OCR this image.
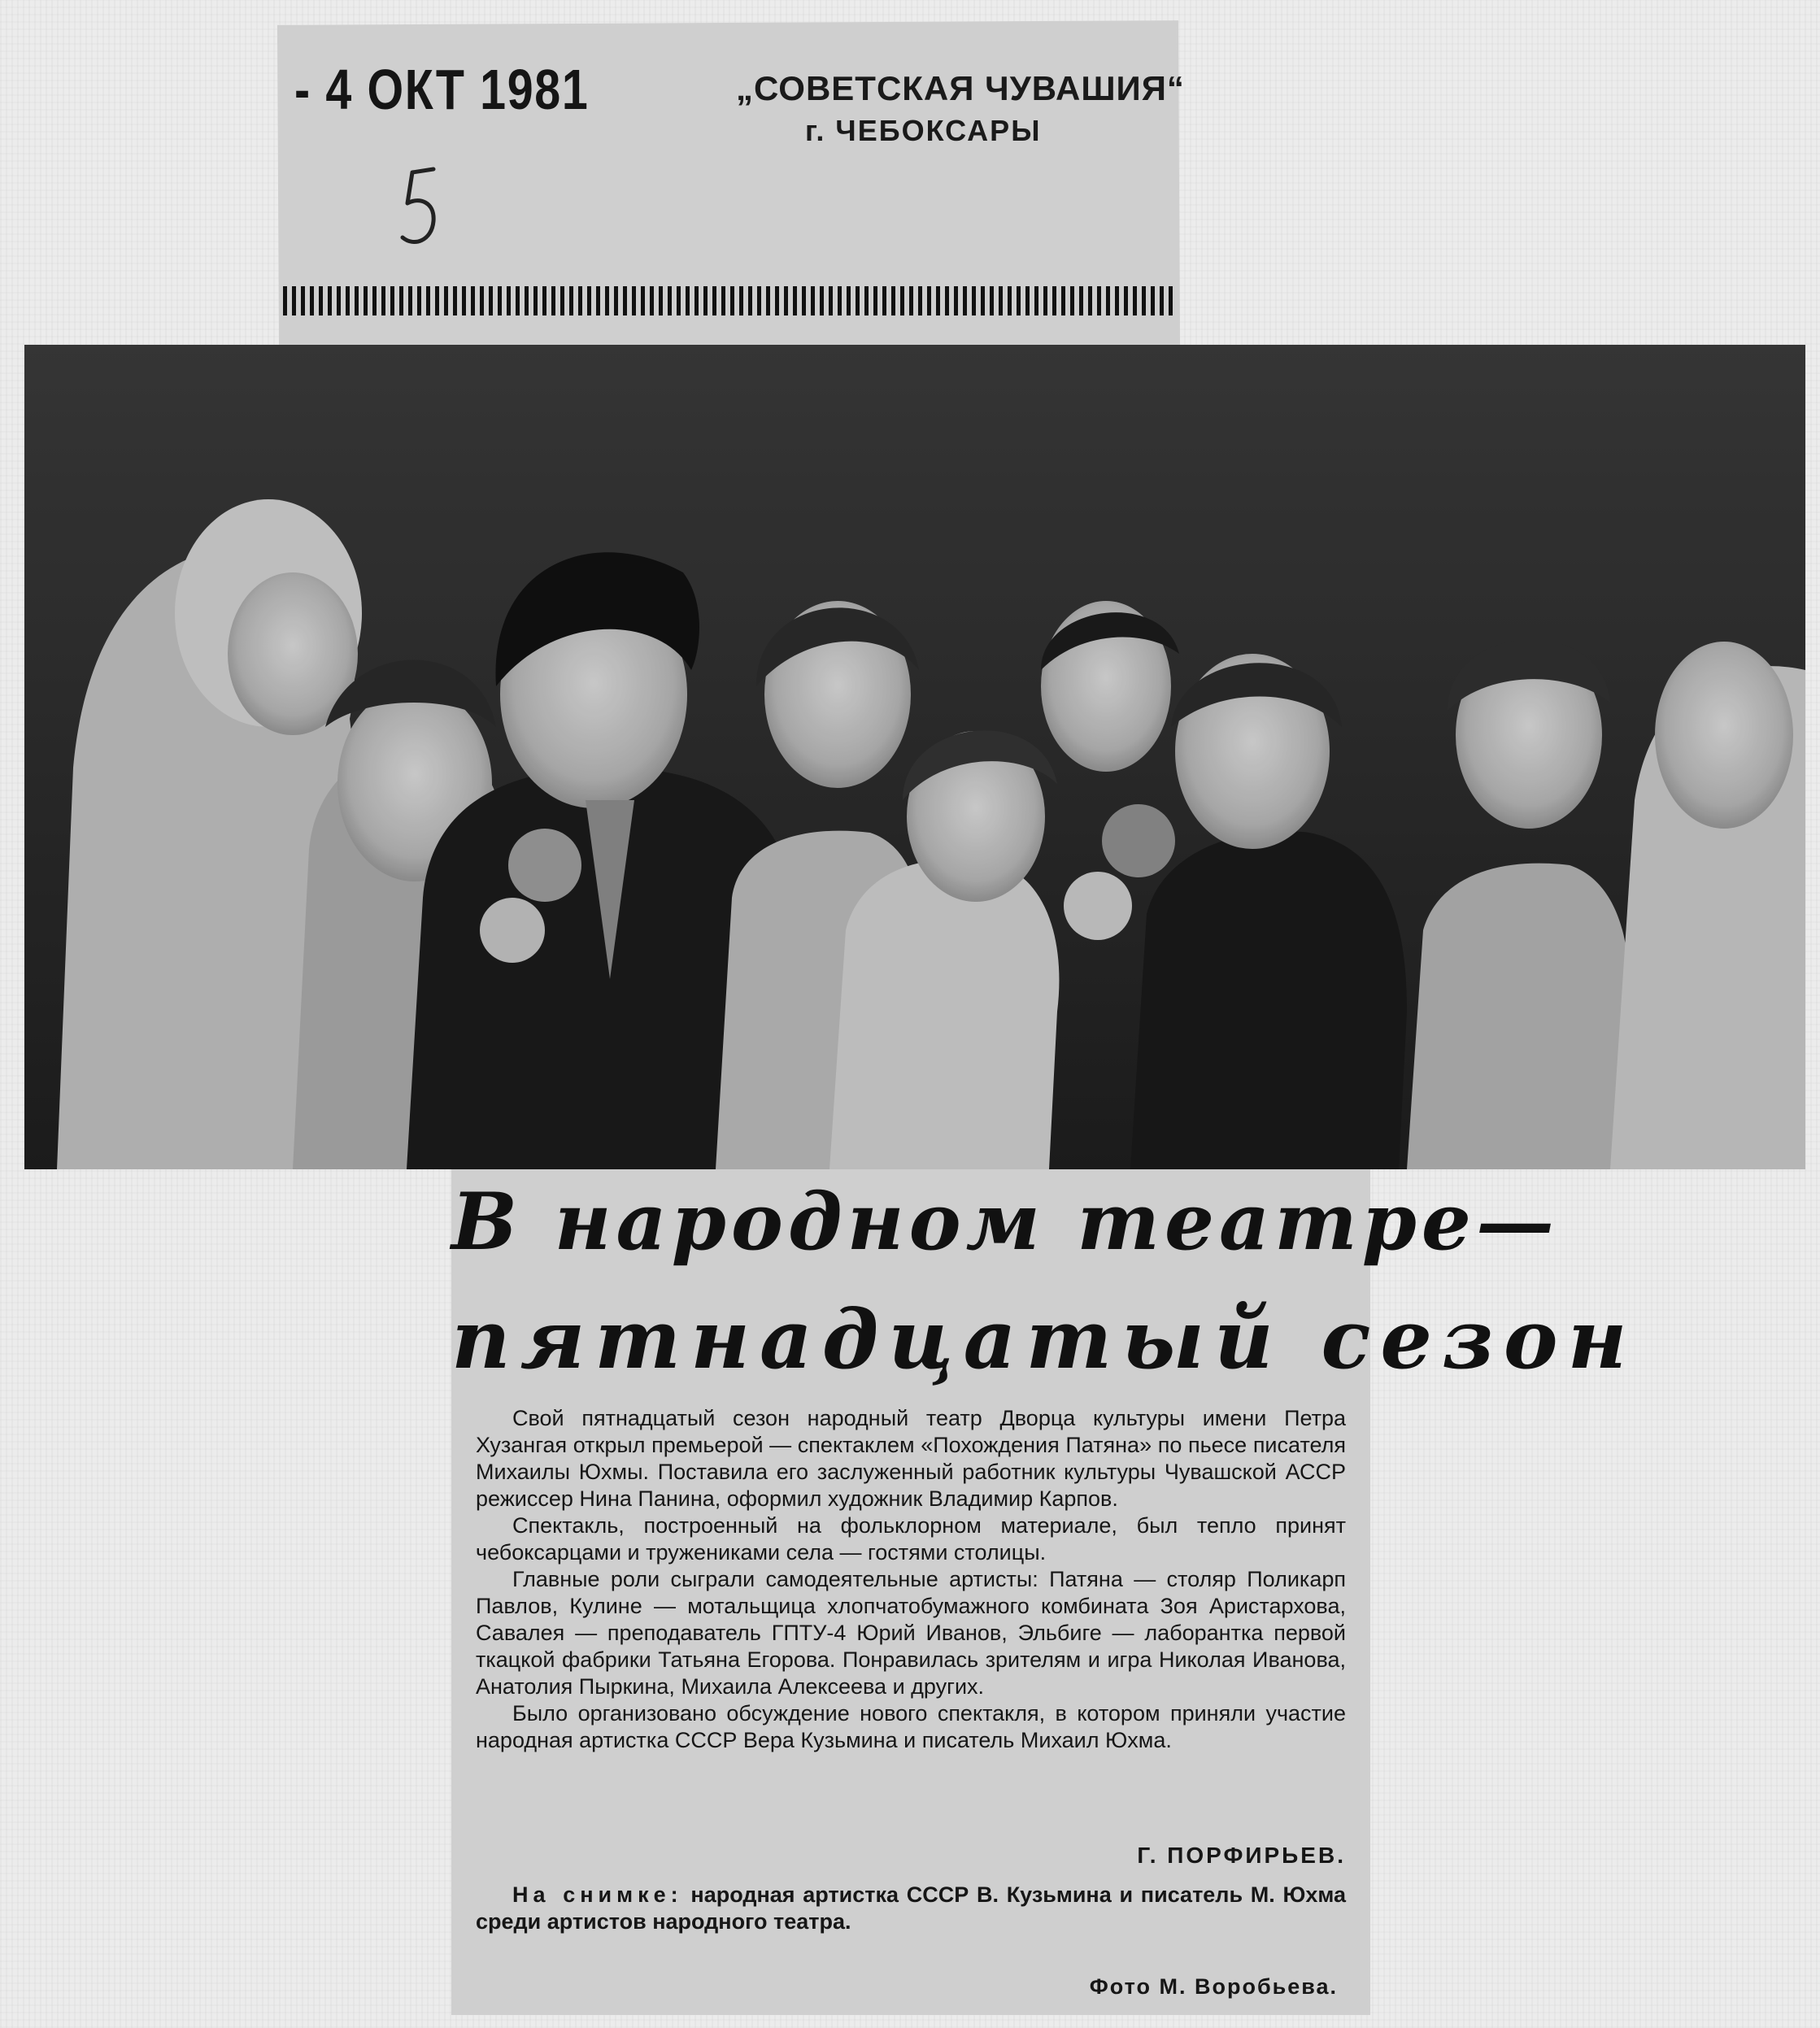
- 4 ОКТ 1981	„СОВЕТСКАЯ ЧУВАШИЯ“
г. ЧЕБОКСАРЫ
В народном театре—
пятнадцатый сезон

Свой пятнадцатый сезон народный театр Дворца культуры имени Петра Хузангая открыл премьерой — спектаклем «Похождения Патяна» по пьесе писателя Михаилы Юхмы. Поставила его заслуженный работник культуры Чувашской АССР режиссер Нина Панина, оформил художник Владимир Карпов.

Спектакль, построенный на фольклорном материале, был тепло принят чебоксарцами и тружениками села — гостями столицы.

Главные роли сыграли самодеятельные артисты: Патяна — столяр Поликарп Павлов, Кулине — мотальщица хлопчатобумажного комбината Зоя Аристархова, Савалея — преподаватель ГПТУ-4 Юрий Иванов, Эльбиге — лаборантка первой ткацкой фабрики Татьяна Егорова. Понравилась зрителям и игра Николая Иванова, Анатолия Пыркина, Михаила Алексеева и других.

Было организовано обсуждение нового спектакля, в котором приняли участие народная артистка СССР Вера Кузьмина и писатель Михаил Юхма.

Г. ПОРФИРЬЕВ.
На снимке: народная артистка СССР В. Кузьмина и писатель М. Юхма среди артистов народного театра.
Фото М. Воробьева.
